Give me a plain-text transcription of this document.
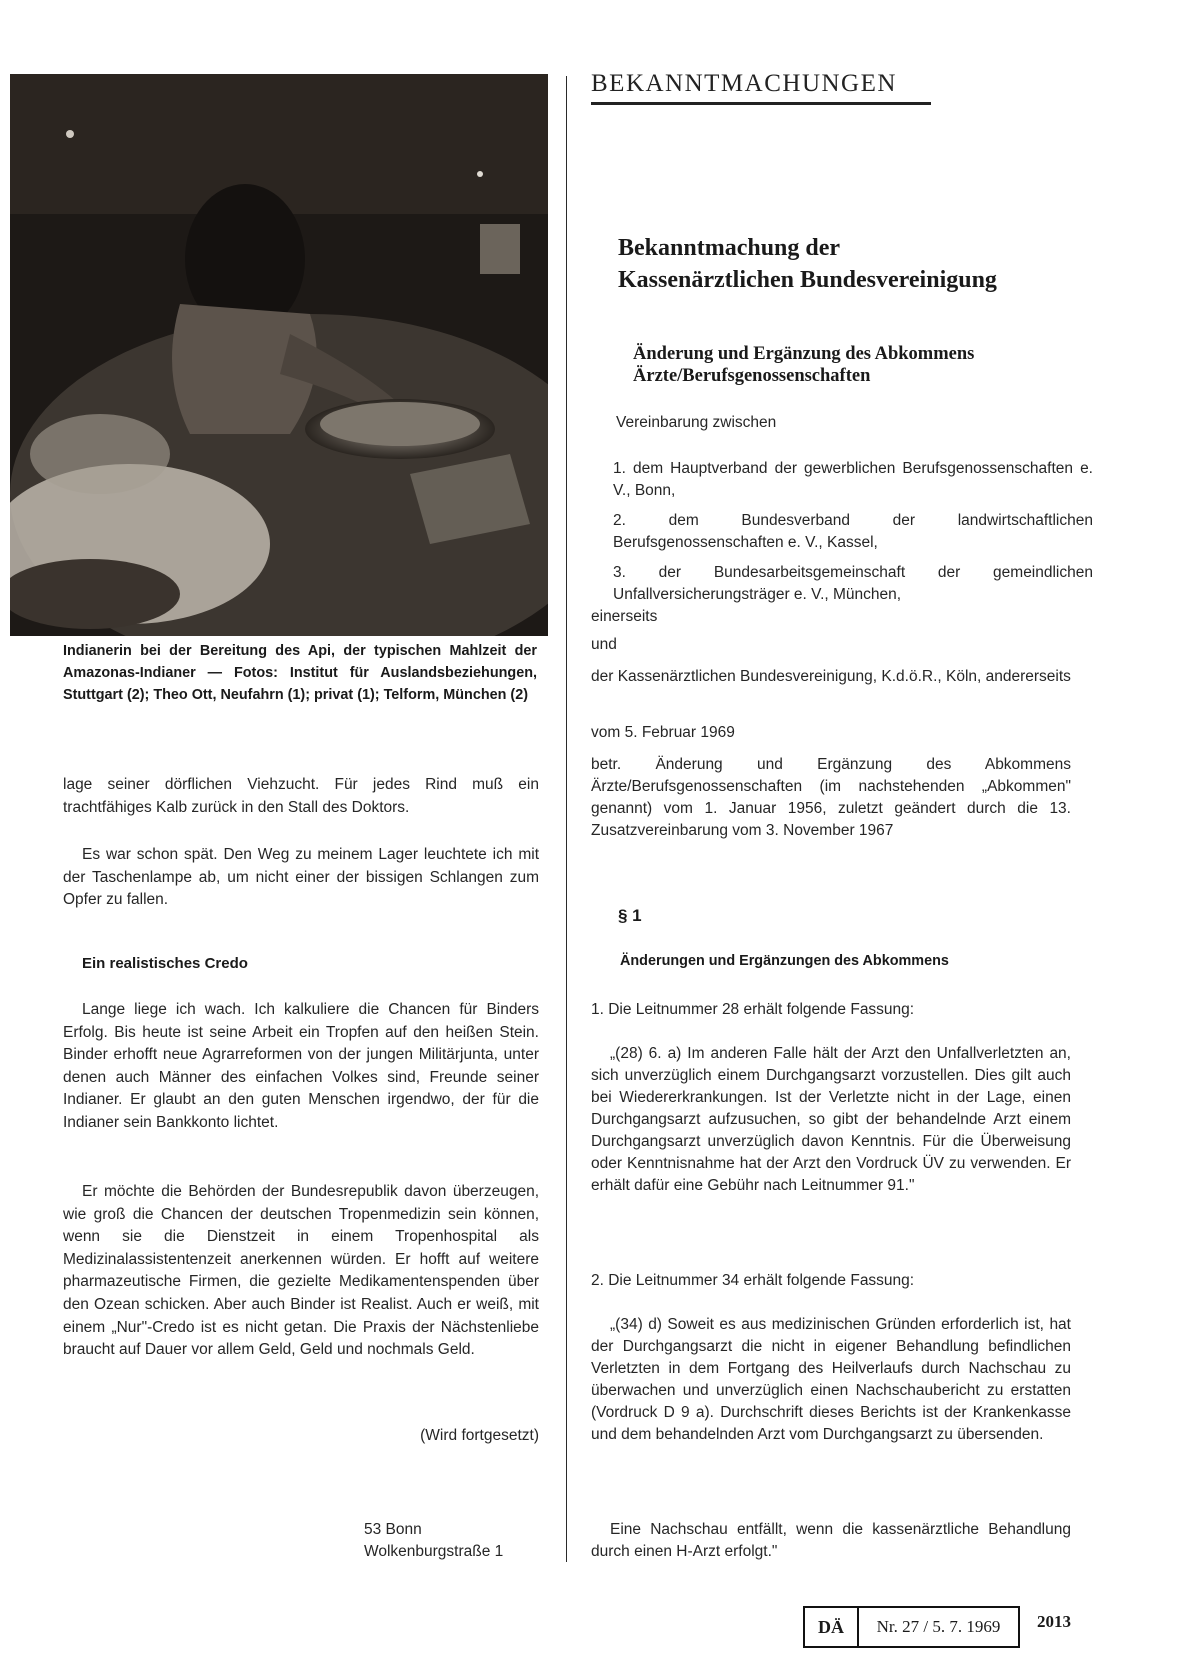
Indianerin bei der Bereitung des Api, der typischen Mahlzeit der Amazonas-Indianer — Fotos: Institut für Auslandsbeziehungen, Stuttgart (2); Theo Ott, Neufahrn (1); privat (1); Telform, München (2)

lage seiner dörflichen Viehzucht. Für jedes Rind muß ein trachtfähiges Kalb zurück in den Stall des Doktors.

Es war schon spät. Den Weg zu meinem Lager leuchtete ich mit der Taschenlampe ab, um nicht einer der bissigen Schlangen zum Opfer zu fallen.

Ein realistisches Credo

Lange liege ich wach. Ich kalkuliere die Chancen für Binders Erfolg. Bis heute ist seine Arbeit ein Tropfen auf den heißen Stein. Binder erhofft neue Agrarreformen von der jungen Militärjunta, unter denen auch Männer des einfachen Volkes sind, Freunde seiner Indianer. Er glaubt an den guten Menschen irgendwo, der für die Indianer sein Bankkonto lichtet.

Er möchte die Behörden der Bundesrepublik davon überzeugen, wie groß die Chancen der deutschen Tropenmedizin sein können, wenn sie die Dienstzeit in einem Tropenhospital als Medizinalassistentenzeit anerkennen würden. Er hofft auf weitere pharmazeutische Firmen, die gezielte Medikamentenspenden über den Ozean schicken. Aber auch Binder ist Realist. Auch er weiß, mit einem „Nur"-Credo ist es nicht getan. Die Praxis der Nächstenliebe braucht auf Dauer vor allem Geld, Geld und nochmals Geld.

(Wird fortgesetzt)
53 Bonn
Wolkenburgstraße 1
BEKANNTMACHUNGEN
Bekanntmachung der
Kassenärztlichen Bundesvereinigung
Änderung und Ergänzung des Abkommens
Ärzte/Berufsgenossenschaften
Vereinbarung zwischen

1. dem Hauptverband der gewerblichen Berufsgenossenschaften e. V., Bonn,

2. dem Bundesverband der landwirtschaftlichen Berufsgenossenschaften e. V., Kassel,

3. der Bundesarbeitsgemeinschaft der gemeindlichen Unfallversicherungsträger e. V., München,

einerseits
und

der Kassenärztlichen Bundesvereinigung, K.d.ö.R., Köln, andererseits

vom 5. Februar 1969

betr. Änderung und Ergänzung des Abkommens Ärzte/Berufsgenossenschaften (im nachstehenden „Abkommen" genannt) vom 1. Januar 1956, zuletzt geändert durch die 13. Zusatzvereinbarung vom 3. November 1967

§ 1
Änderungen und Ergänzungen des Abkommens
1. Die Leitnummer 28 erhält folgende Fassung:

„(28) 6. a) Im anderen Falle hält der Arzt den Unfallverletzten an, sich unverzüglich einem Durchgangsarzt vorzustellen. Dies gilt auch bei Wiedererkrankungen. Ist der Verletzte nicht in der Lage, einen Durchgangsarzt aufzusuchen, so gibt der behandelnde Arzt einem Durchgangsarzt unverzüglich davon Kenntnis. Für die Überweisung oder Kenntnisnahme hat der Arzt den Vordruck ÜV zu verwenden. Er erhält dafür eine Gebühr nach Leitnummer 91."

2. Die Leitnummer 34 erhält folgende Fassung:

„(34) d) Soweit es aus medizinischen Gründen erforderlich ist, hat der Durchgangsarzt die nicht in eigener Behandlung befindlichen Verletzten in dem Fortgang des Heilverlaufs durch Nachschau zu überwachen und unverzüglich einen Nachschaubericht zu erstatten (Vordruck D 9 a). Durchschrift dieses Berichts ist der Krankenkasse und dem behandelnden Arzt vom Durchgangsarzt zu übersenden.

Eine Nachschau entfällt, wenn die kassenärztliche Behandlung durch einen H-Arzt erfolgt."

DÄ	Nr. 27 / 5. 7. 1969	2013
